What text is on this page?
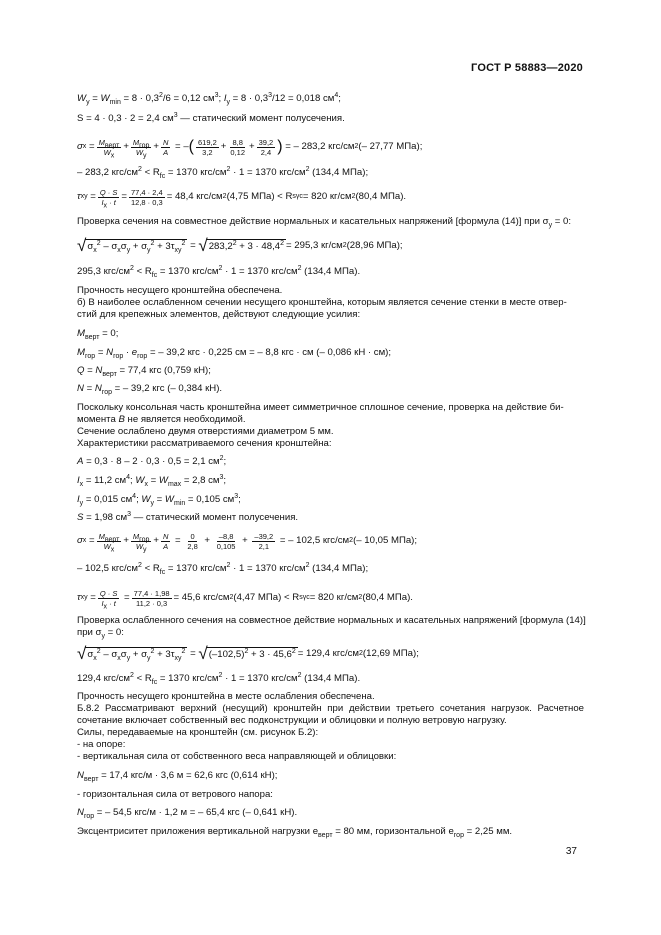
ГОСТ Р 58883—2020
$W_y = W_{min} = 8 \cdot 0,3^2/6 = 0,12$ $см^3$; $I_y = 8 \cdot 0,3^3/12 = 0,018$ $см^4$;
S = 4 · 0,3 · 2 = 2,4 $см^3$ — статический момент полусечения.
σ $x = \frac{M_{верт}}{W_x} + \frac{M_{гор}}{W_y} + \frac{N}{A}$ = – ( $\frac{619,2}{3,2} + \frac{8,8}{0,12} + \frac{39,2}{2,4}$ )
= – 283,2 кгс/см 2 (– 27,77 МПа);
– 283,2 кгс/$см^2 < R_{fc} = 1370$ кгс/$см^2 \cdot 1 = 1370$ кгс/$см^2$ (134,4 МПа);
τ xy = $\frac{Q \cdot S}{I_x \cdot t} = \frac{77,4 \cdot 2,4}{12,8 \cdot 0,3} = 48,4$ кгс/см 2 (4,75 МПа) < R sγc = 820 кг/см 2 (80,4 МПа).
Проверка сечения на совместное действие нормальных и касательных напряжений [формула (14)] при $\sigma_y = 0$:
$√\sigma_x^2 - \sigma_x\sigma_y + \sigma_y^2 + 3\tau_{xy}^2 = √283,2^2 + 3 \cdot 48,4^2 = 295,3$ кг/см 2 (28,96 МПа);
295,3 кгс/$см^2 < R_{fc} = 1370$ кгс/$см^2 \cdot 1 = 1370$ кгс/$см^2$ (134,4 МПа).
Прочность несущего кронштейна обеспечена.
б) В наиболее ослабленном сечении несущего кронштейна, которым является сечение стенки в месте отвер-
стий для крепежных элементов, действуют следующие усилия:
$M_{верт} = 0$;
$M_{гор} = N_{гор} \cdot e_{гор}$ = – 39,2 кгс · 0,225 см = – 8,8 кгс · см (– 0,086 кН · см);
$Q = N_{верт} = 77,4$ кгс (0,759 кН);
$N = N_{гор}$ = – 39,2 кгс (– 0,384 кН).
Поскольку консольная часть кронштейна имеет симметричное сплошное сечение, проверка на действие би-
момента B не является необходимой.
Сечение ослаблено двумя отверстиями диаметром 5 мм.
Характеристики рассматриваемого сечения кронштейна:
A = 0,3 · 8 – 2 · 0,3 · 0,5 = 2,1 $см^2$;
$I_x = 11,2$ $см^4$; $W_x = W_{max} = 2,8$ $см^3$;
$I_y = 0,015$ $см^4$; $W_y = W_{min} = 0,105$ $см^3$;
S = 1,98 $см^3$ — статический момент полусечения.
σ $x = \frac{M_{верт}}{W_x} + \frac{M_{гор}}{W_y} + \frac{N}{A} = \frac{0}{2,8} + \frac{-8,8}{0,105} + \frac{-39,2}{2,1}$
= – 102,5 кгс/см 2 (– 10,05 МПа);
– 102,5 кгс/$см^2 < R_{fc} = 1370$ кгс/$см^2 \cdot 1 = 1370$ кгс/$см^2$ (134,4 МПа);
τ xy = $\frac{Q \cdot S}{I_x \cdot t} = \frac{77,4 \cdot 1,98}{11,2 \cdot 0,3} = 45,6$ кгс/см 2 (4,47 МПа) < R sγc = 820 кг/см 2 (80,4 МПа).
Проверка ослабленного сечения на совместное действие нормальных и касательных напряжений [формула (14)]
при $\sigma_y = 0$:
$√\sigma_x^2 - \sigma_x\sigma_y + \sigma_y^2 + 3\tau_{xy}^2 = √(-102,5)^2 + 3 \cdot 45,6^2 = 129,4$ кгс/см 2 (12,69 МПа);
129,4 кгс/$см^2 < R_{fc} = 1370$ кгс/$см^2 \cdot 1 = 1370$ кгс/$см^2$ (134,4 МПа).
Прочность несущего кронштейна в месте ослабления обеспечена.
Б.8.2 Рассматривают верхний (несущий) кронштейн при действии третьего сочетания нагрузок. Расчетное сочетание включает собственный вес подконструкции и облицовки и полную ветровую нагрузку.
Силы, передаваемые на кронштейн (см. рисунок Б.2):
- на опоре:
- вертикальная сила от собственного веса направляющей и облицовки:
$N_{верт} = 17,4$ кгс/м · 3,6 м = 62,6 кгс (0,614 кН);
- горизонтальная сила от ветрового напора:
$N_{гор}$ = – 54,5 кгс/м · 1,2 м = – 65,4 кгс (– 0,641 кН).
Эксцентриситет приложения вертикальной нагрузки $e_{верт} = 80$ мм, горизонтальной $e_{гор} = 2,25$ мм.
37
